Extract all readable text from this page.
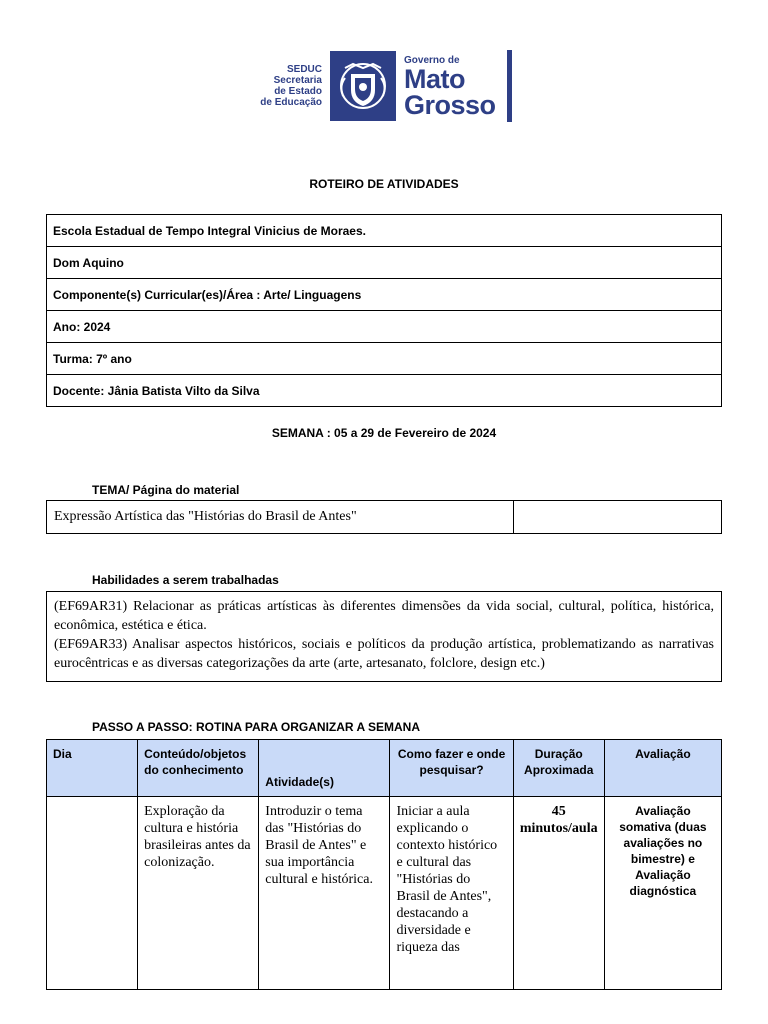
SEDUC
Secretaria
de Estado
de Educação
Governo de
Mato
Grosso
ROTEIRO DE ATIVIDADES
Escola Estadual de Tempo Integral Vinicius de Moraes.
Dom Aquino
Componente(s) Curricular(es)/Área : Arte/ Linguagens
Ano: 2024
Turma: 7º ano
Docente: Jânia Batista Vilto da Silva
SEMANA : 05 a 29 de Fevereiro de 2024
TEMA/ Página do material
Expressão Artística das "Histórias do Brasil de Antes"
Habilidades a serem trabalhadas

(EF69AR31) Relacionar as práticas artísticas às diferentes dimensões da vida social, cultural, política, histórica, econômica, estética e ética.

(EF69AR33) Analisar aspectos históricos, sociais e políticos da produção artística, problematizando as narrativas eurocêntricas e as diversas categorizações da arte (arte, artesanato, folclore, design etc.)

PASSO A PASSO: ROTINA PARA ORGANIZAR A SEMANA
Dia	Conteúdo/objetos do conhecimento	Atividade(s)	Como fazer e onde pesquisar?	Duração Aproximada	Avaliação
	Exploração da cultura e história brasileiras antes da colonização.	Introduzir o tema das "Histórias do Brasil de Antes" e sua importância cultural e histórica.	Iniciar a aula explicando o contexto histórico e cultural das "Histórias do Brasil de Antes", destacando a diversidade e riqueza das	45 minutos/aula	Avaliação somativa (duas avaliações no bimestre) e Avaliação diagnóstica
